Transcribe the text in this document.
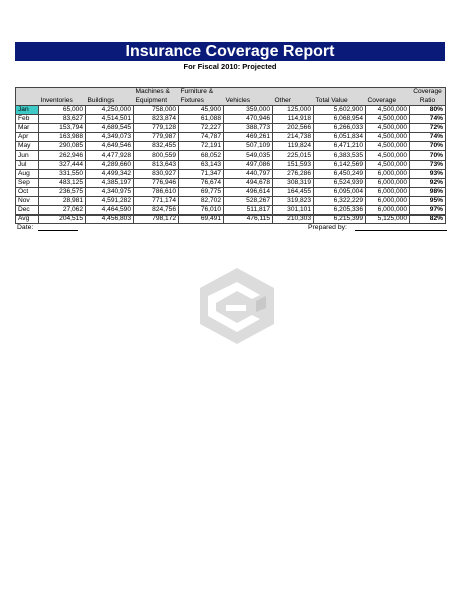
Insurance Coverage Report
For Fiscal 2010: Projected
			Machines &	Furniture &					Coverage
	Inventories	Buildings	Equipment	Fixtures	Vehicles	Other	Total Value	Coverage	Ratio
Jan	65,000	4,250,000	758,000	45,900	359,000	125,000	5,602,900	4,500,000	80%
Feb	83,627	4,514,501	823,874	61,088	470,946	114,918	6,068,954	4,500,000	74%
Mar	153,794	4,689,545	779,128	72,227	388,773	202,566	6,266,033	4,500,000	72%
Apr	163,988	4,349,073	779,987	74,787	469,261	214,738	6,051,834	4,500,000	74%
May	290,085	4,649,546	832,455	72,191	507,109	119,824	6,471,210	4,500,000	70%
Jun	262,946	4,477,928	800,559	68,052	549,035	225,015	6,383,535	4,500,000	70%
Jul	327,444	4,289,660	813,643	63,143	497,086	151,593	6,142,569	4,500,000	73%
Aug	331,550	4,499,342	830,927	71,347	440,797	276,286	6,450,249	6,000,000	93%
Sep	483,125	4,385,197	776,946	76,674	494,678	308,319	6,524,939	6,000,000	92%
Oct	236,575	4,340,975	786,610	69,775	496,614	164,455	6,095,004	6,000,000	98%
Nov	28,981	4,591,282	771,174	82,702	528,267	319,823	6,322,229	6,000,000	95%
Dec	27,062	4,464,590	824,756	76,010	511,817	301,101	6,205,336	6,000,000	97%
Avg	204,515	4,456,803	798,172	69,491	476,115	210,303	6,215,399	5,125,000	82%
Date:	Prepared by:
